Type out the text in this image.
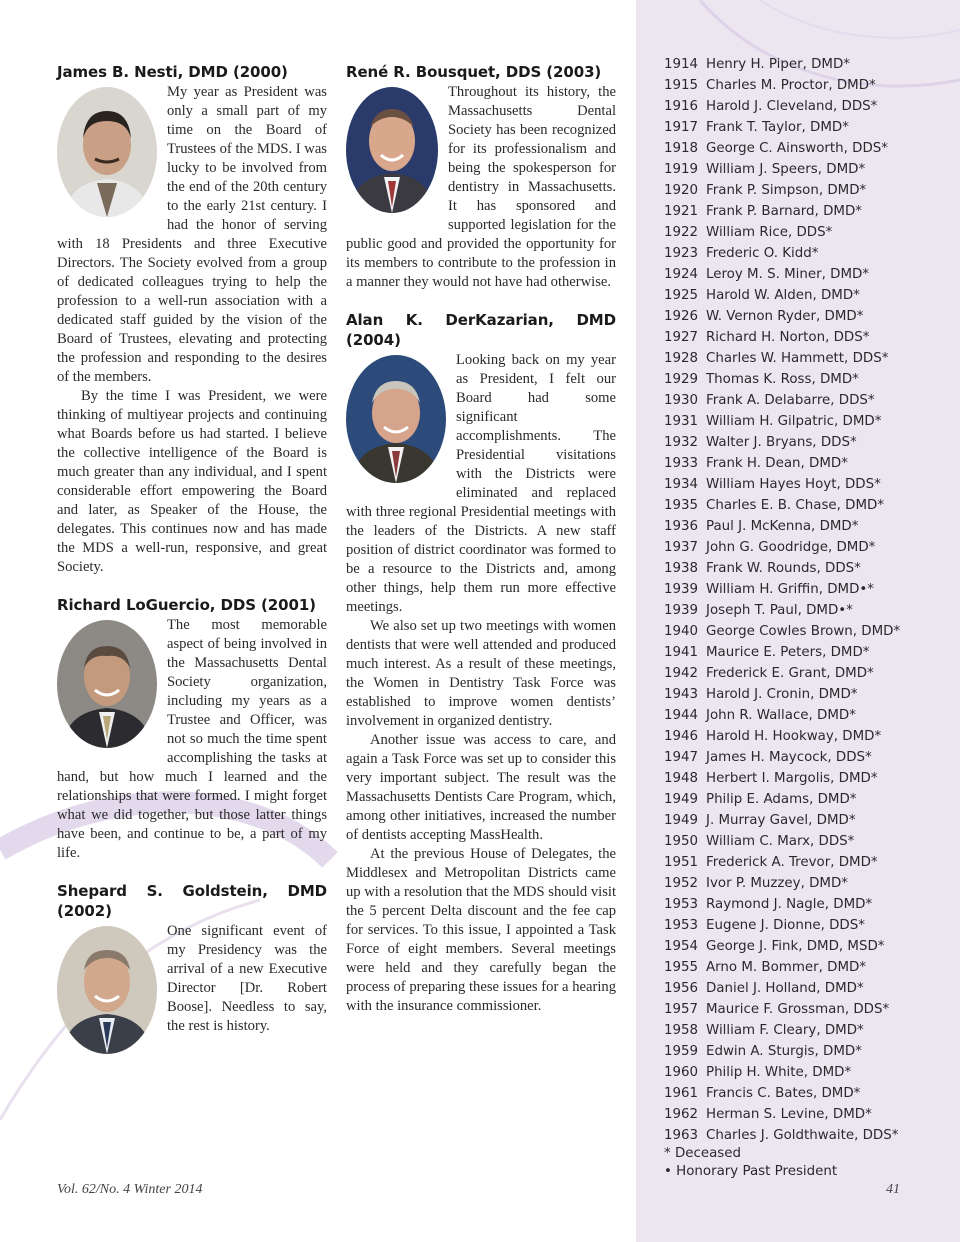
James B. Nesti, DMD (2000)

My year as President was only a small part of my time on the Board of Trustees of the MDS. I was lucky to be involved from the end of the 20th century to the early 21st century. I had the honor of serving with 18 Presidents and three Executive Directors. The Society evolved from a group of dedicated colleagues trying to help the profession to a well-run association with a dedicated staff guided by the vision of the Board of Trustees, elevating and protecting the profession and responding to the desires of the members.

By the time I was President, we were thinking of multiyear projects and continuing what Boards before us had started. I believe the collective intelligence of the Board is much greater than any individual, and I spent considerable effort empowering the Board and later, as Speaker of the House, the delegates. This continues now and has made the MDS a well-run, responsive, and great Society.

Richard LoGuercio, DDS (2001)

The most memorable aspect of being involved in the Massachusetts Dental Society organization, including my years as a Trustee and Officer, was not so much the time spent accomplishing the tasks at hand, but how much I learned and the relationships that were formed. I might forget what we did together, but those latter things have been, and continue to be, a part of my life.

Shepard S. Goldstein, DMD (2002)

One significant event of my Presidency was the arrival of a new Executive Director [Dr. Robert Boose]. Needless to say, the rest is history.

René R. Bousquet, DDS (2003)

Throughout its history, the Massachusetts Dental Society has been recognized for its professionalism and being the spokesperson for dentistry in Massachusetts. It has sponsored and supported legislation for the public good and provided the opportunity for its members to contribute to the profession in a manner they would not have had otherwise.

Alan K. DerKazarian, DMD (2004)

Looking back on my year as President, I felt our Board had some significant accomplishments. The Presidential visitations with the Districts were eliminated and replaced with three regional Presidential meetings with the leaders of the Districts. A new staff position of district coordinator was formed to be a resource to the Districts and, among other things, help them run more effective meetings.

We also set up two meetings with women dentists that were well attended and produced much interest. As a result of these meetings, the Women in Dentistry Task Force was established to improve women dentists’ involvement in organized dentistry.

Another issue was access to care, and again a Task Force was set up to consider this very important subject. The result was the Massachusetts Dentists Care Program, which, among other initiatives, increased the number of dentists accepting MassHealth.

At the previous House of Delegates, the Middlesex and Metropolitan Districts came up with a resolution that the MDS should visit the 5 percent Delta discount and the fee cap for services. To this issue, I appointed a Task Force of eight members. Several meetings were held and they carefully began the process of preparing these issues for a hearing with the insurance commissioner.

1914 Henry H. Piper, DMD*
1915 Charles M. Proctor, DMD*
1916 Harold J. Cleveland, DDS*
1917 Frank T. Taylor, DMD*
1918 George C. Ainsworth, DDS*
1919 William J. Speers, DMD*
1920 Frank P. Simpson, DMD*
1921 Frank P. Barnard, DMD*
1922 William Rice, DDS*
1923 Frederic O. Kidd*
1924 Leroy M. S. Miner, DMD*
1925 Harold W. Alden, DMD*
1926 W. Vernon Ryder, DMD*
1927 Richard H. Norton, DDS*
1928 Charles W. Hammett, DDS*
1929 Thomas K. Ross, DMD*
1930 Frank A. Delabarre, DDS*
1931 William H. Gilpatric, DMD*
1932 Walter J. Bryans, DDS*
1933 Frank H. Dean, DMD*
1934 William Hayes Hoyt, DDS*
1935 Charles E. B. Chase, DMD*
1936 Paul J. McKenna, DMD*
1937 John G. Goodridge, DMD*
1938 Frank W. Rounds, DDS*
1939 William H. Griffin, DMD•*
1939 Joseph T. Paul, DMD•*
1940 George Cowles Brown, DMD*
1941 Maurice E. Peters, DMD*
1942 Frederick E. Grant, DMD*
1943 Harold J. Cronin, DMD*
1944 John R. Wallace, DMD*
1946 Harold H. Hookway, DMD*
1947 James H. Maycock, DDS*
1948 Herbert I. Margolis, DMD*
1949 Philip E. Adams, DMD*
1949 J. Murray Gavel, DMD*
1950 William C. Marx, DDS*
1951 Frederick A. Trevor, DMD*
1952 Ivor P. Muzzey, DMD*
1953 Raymond J. Nagle, DMD*
1953 Eugene J. Dionne, DDS*
1954 George J. Fink, DMD, MSD*
1955 Arno M. Bommer, DMD*
1956 Daniel J. Holland, DMD*
1957 Maurice F. Grossman, DDS*
1958 William F. Cleary, DMD*
1959 Edwin A. Sturgis, DMD*
1960 Philip H. White, DMD*
1961 Francis C. Bates, DMD*
1962 Herman S. Levine, DMD*
1963 Charles J. Goldthwaite, DDS*
* Deceased
• Honorary Past President
Vol. 62/No. 4 Winter 2014	41
